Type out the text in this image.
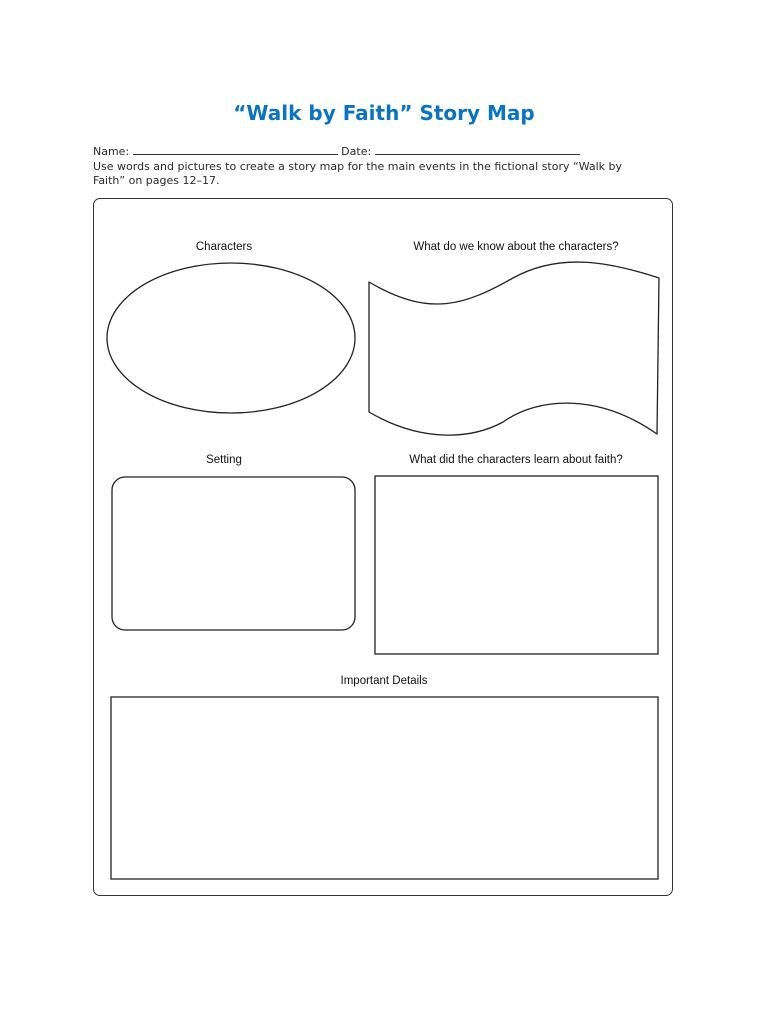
“Walk by Faith” Story Map
Name:	Date:
Use words and pictures to create a story map for the main events in the fictional story “Walk by
Faith” on pages 12–17.
Characters	What do we know about the characters?
Setting	What did the characters learn about faith?
Important Details
